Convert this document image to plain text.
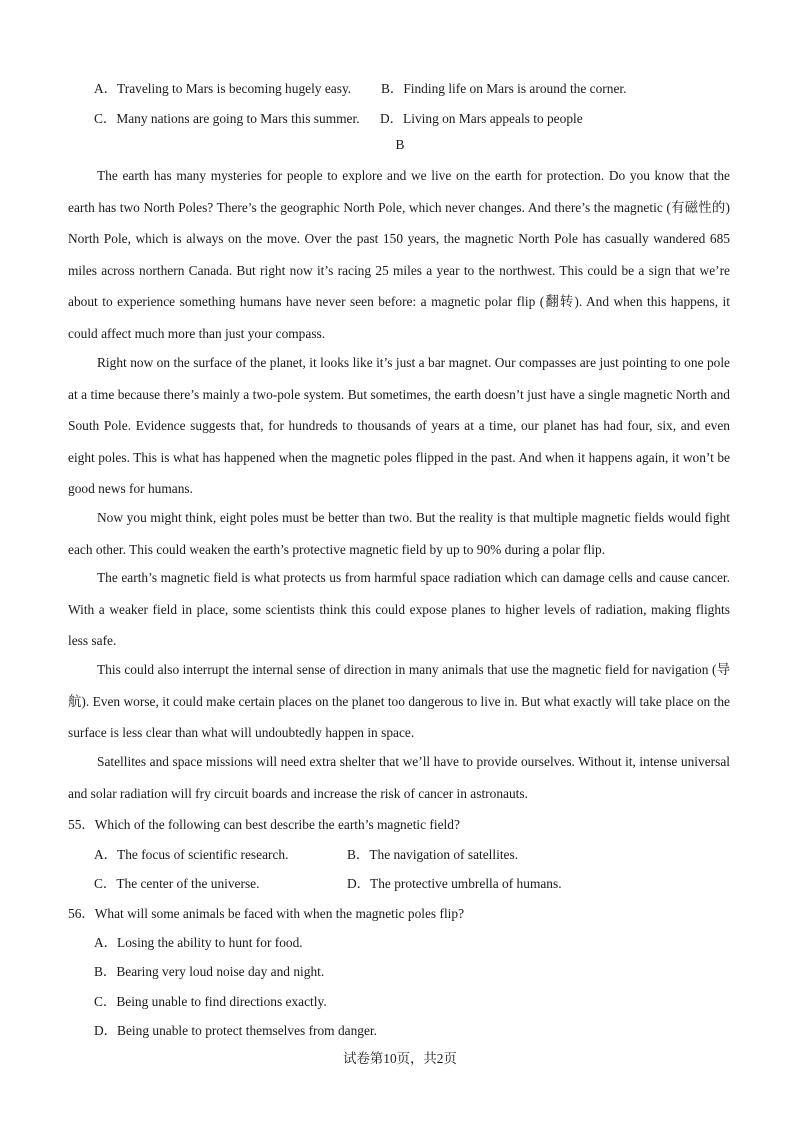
A．Traveling to Mars is becoming hugely easy. B．Finding life on Mars is around the corner.
C．Many nations are going to Mars this summer. D．Living on Mars appeals to people
B
The earth has many mysteries for people to explore and we live on the earth for protection. Do you know that the earth has two North Poles? There’s the geographic North Pole, which never changes. And there’s the magnetic (有磁性的) North Pole, which is always on the move. Over the past 150 years, the magnetic North Pole has casually wandered 685 miles across northern Canada. But right now it’s racing 25 miles a year to the northwest. This could be a sign that we’re about to experience something humans have never seen before: a magnetic polar flip (翻转). And when this happens, it could affect much more than just your compass.
Right now on the surface of the planet, it looks like it’s just a bar magnet. Our compasses are just pointing to one pole at a time because there’s mainly a two-pole system. But sometimes, the earth doesn’t just have a single magnetic North and South Pole. Evidence suggests that, for hundreds to thousands of years at a time, our planet has had four, six, and even eight poles. This is what has happened when the magnetic poles flipped in the past. And when it happens again, it won’t be good news for humans.
Now you might think, eight poles must be better than two. But the reality is that multiple magnetic fields would fight each other. This could weaken the earth’s protective magnetic field by up to 90% during a polar flip.
The earth’s magnetic field is what protects us from harmful space radiation which can damage cells and cause cancer. With a weaker field in place, some scientists think this could expose planes to higher levels of radiation, making flights less safe.
This could also interrupt the internal sense of direction in many animals that use the magnetic field for navigation (导航). Even worse, it could make certain places on the planet too dangerous to live in. But what exactly will take place on the surface is less clear than what will undoubtedly happen in space.
Satellites and space missions will need extra shelter that we’ll have to provide ourselves. Without it, intense universal and solar radiation will fry circuit boards and increase the risk of cancer in astronauts.
55．Which of the following can best describe the earth’s magnetic field?
A．The focus of scientific research.	B．The navigation of satellites.
C．The center of the universe.	D．The protective umbrella of humans.
56．What will some animals be faced with when the magnetic poles flip?
A．Losing the ability to hunt for food.
B．Bearing very loud noise day and night.
C．Being unable to find directions exactly.
D．Being unable to protect themselves from danger.
试卷第10页，共2页
